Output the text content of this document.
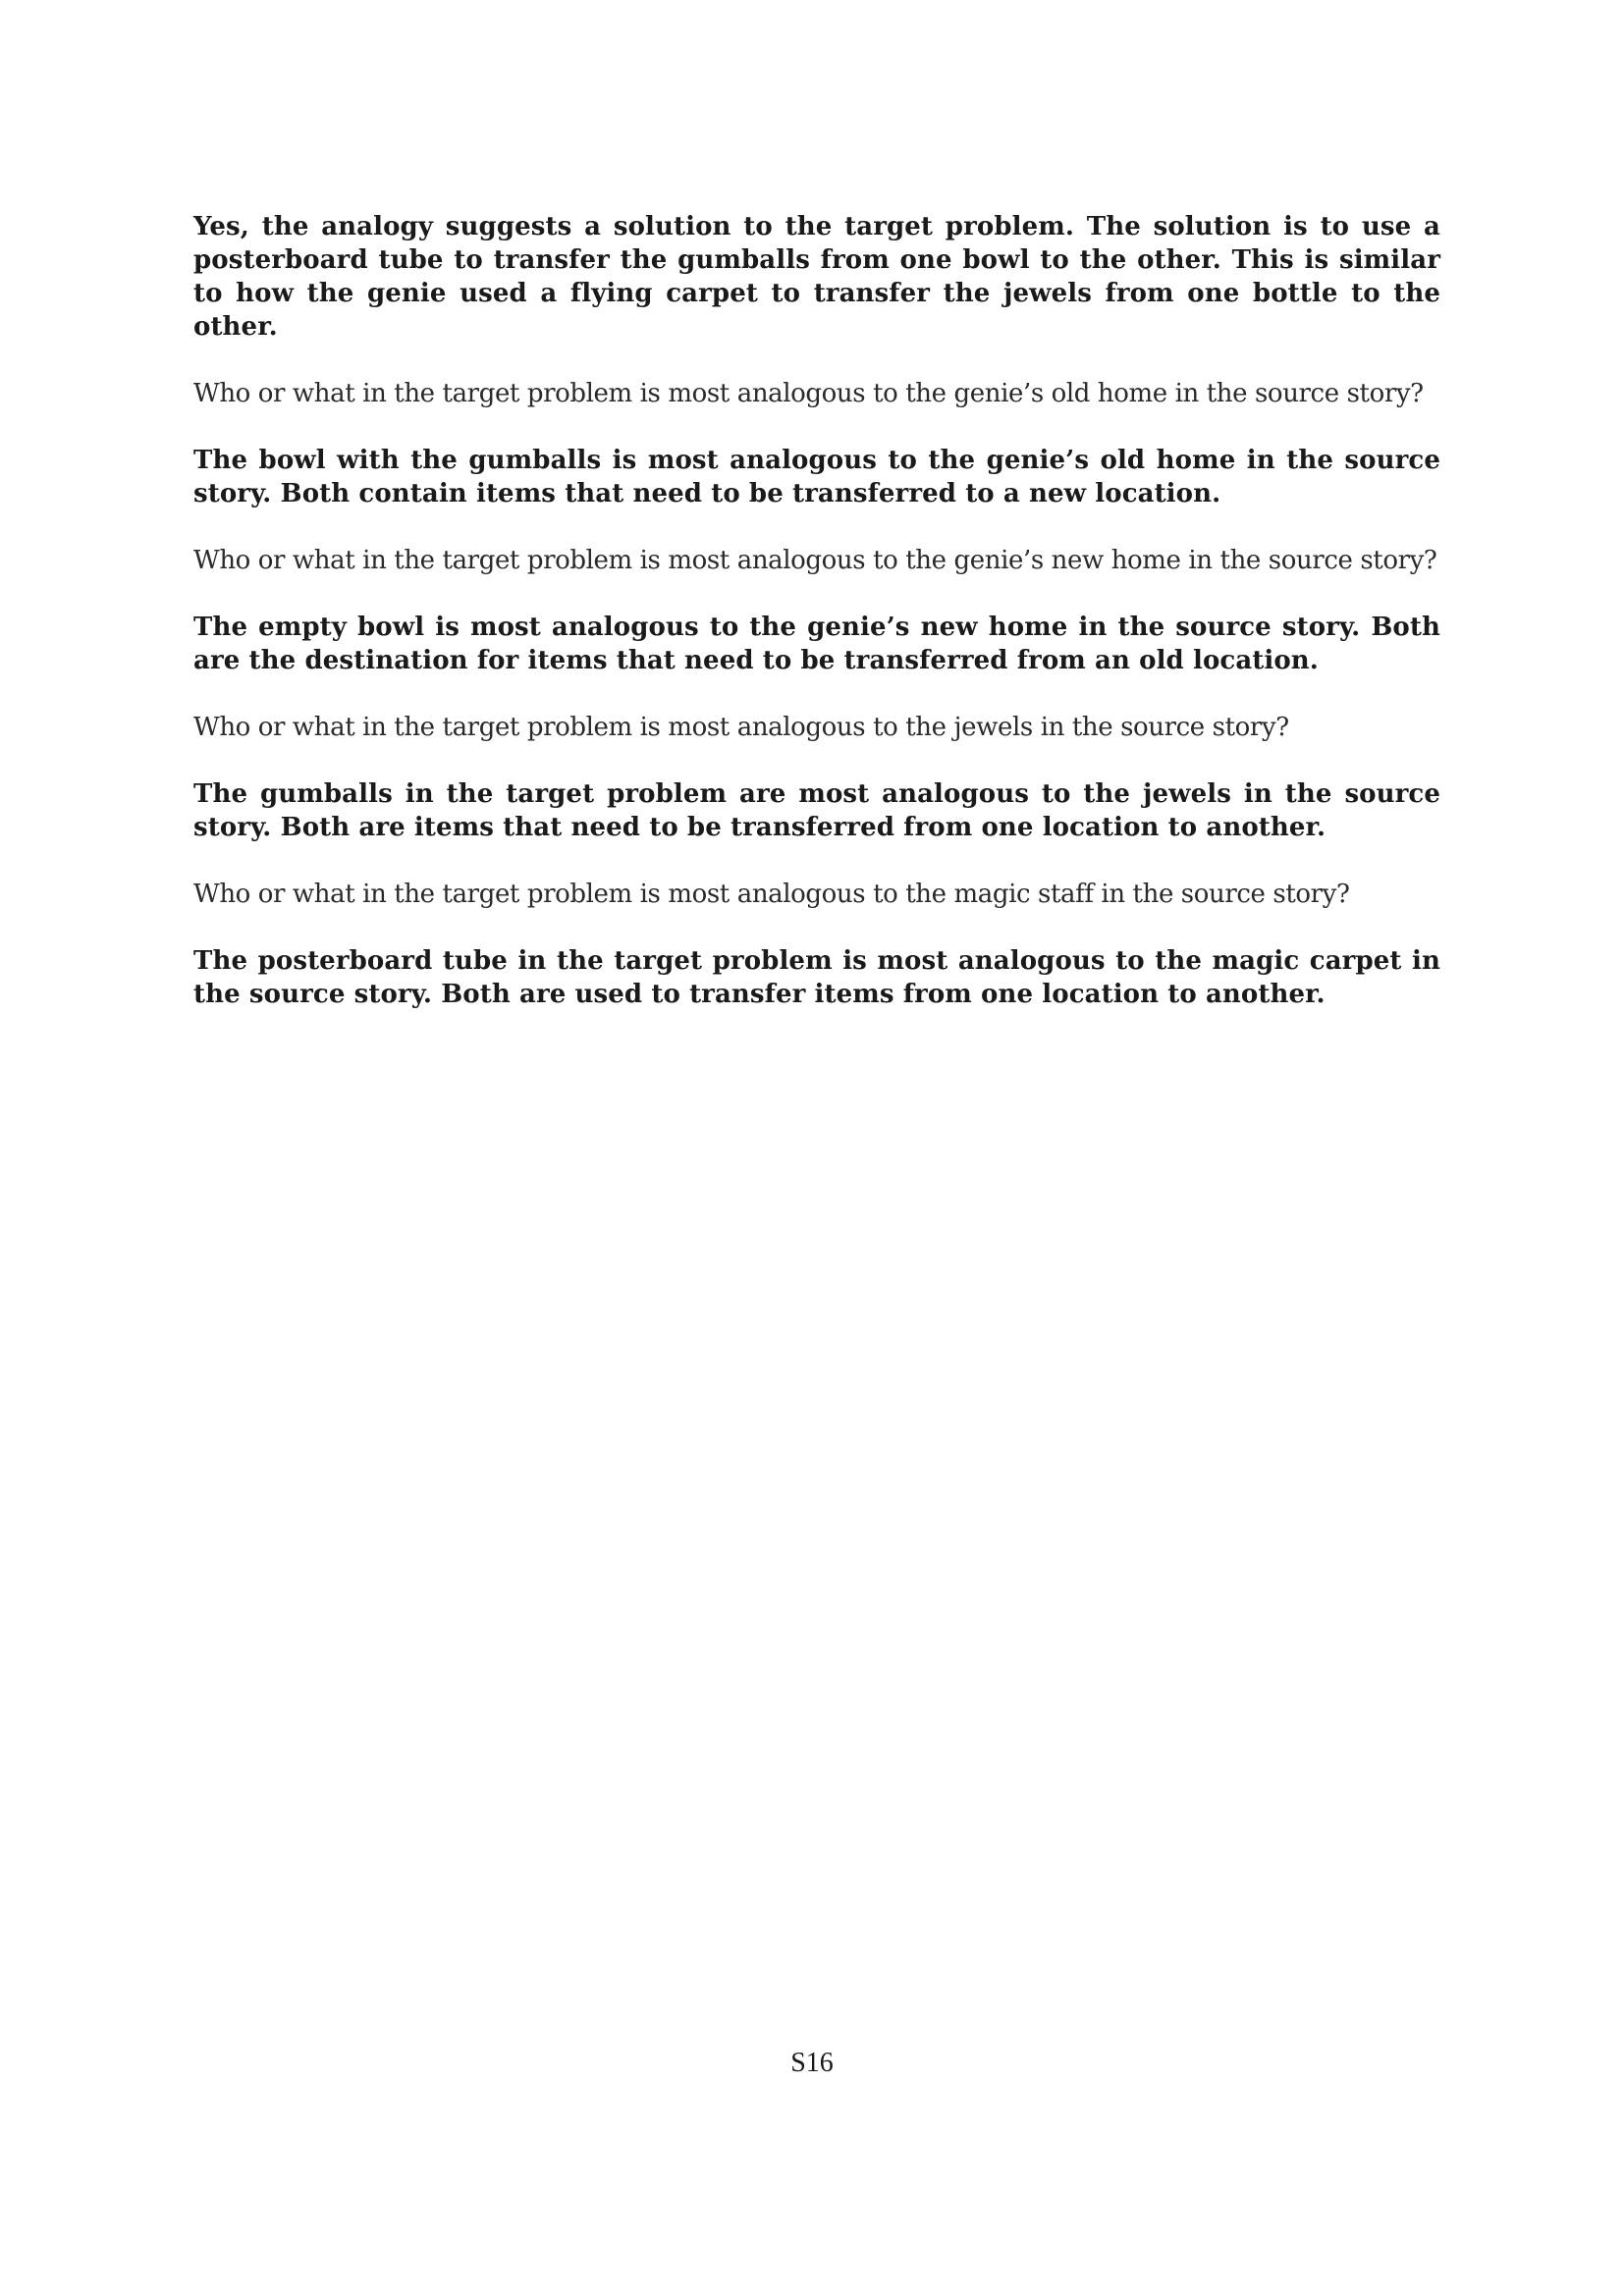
Yes, the analogy suggests a solution to the target problem. The solution is to use a posterboard tube to transfer the gumballs from one bowl to the other. This is similar to how the genie used a flying carpet to transfer the jewels from one bottle to the other.

Who or what in the target problem is most analogous to the genie’s old home in the source story?

The bowl with the gumballs is most analogous to the genie’s old home in the source story. Both contain items that need to be transferred to a new location.

Who or what in the target problem is most analogous to the genie’s new home in the source story?

The empty bowl is most analogous to the genie’s new home in the source story. Both are the destination for items that need to be transferred from an old location.

Who or what in the target problem is most analogous to the jewels in the source story?

The gumballs in the target problem are most analogous to the jewels in the source story. Both are items that need to be transferred from one location to another.

Who or what in the target problem is most analogous to the magic staff in the source story?

The posterboard tube in the target problem is most analogous to the magic carpet in the source story. Both are used to transfer items from one location to another.

S16
